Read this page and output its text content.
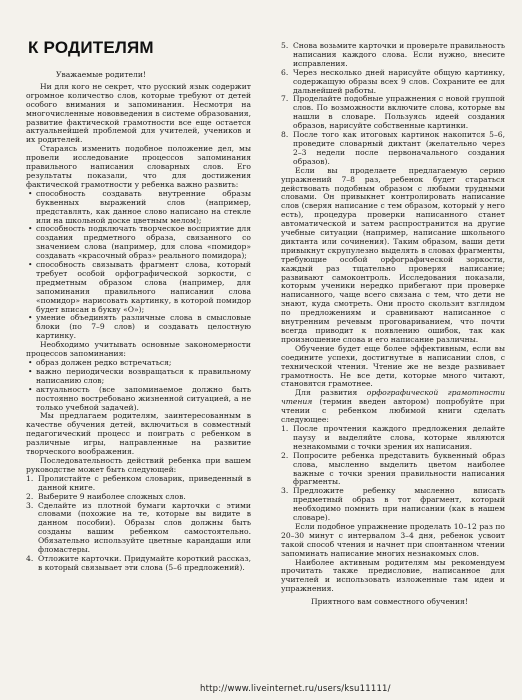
К РОДИТЕЛЯМ

Уважаемые родители!

Ни для кого не секрет, что русский язык содержит огромное количество слов, которые требуют от детей особого внимания и запоминания. Несмотря на многочисленные нововведения в системе образования, развитие фактической грамотности все еще остается актуальнейшей проблемой для учителей, учеников и их родителей.

Стараясь изменить подобное положение дел, мы провели исследование процессов запоминания правильного написания словарных слов. Его результаты показали, что для достижения фактической грамотности у ребенка важно развить:

• способность создавать внутренние образы буквенных выражений слов (например, представлять, как данное слово написано на стекле или на школьной доске цветным мелом);
• способность подключать творческое восприятие для создания предметного образа, связанного со значением слова (например, для слова «помидор» создавать «красочный образ» реального помидора);
• способность связывать фрагмент слова, который требует особой орфографической зоркости, с предметным образом слова (например, для запоминания правильного написания слова «помидор» нарисовать картинку, в которой помидор будет вписан в букву «О»);
• умение объединять различные слова в смысловые блоки (по 7–9 слов) и создавать целостную картинку.

Необходимо учитывать основные закономерности процессов запоминания:

• образ должен редко встречаться;
• важно периодически возвращаться к правильному написанию слов;
• актуальность (все запоминаемое должно быть постоянно востребовано жизненной ситуацией, а не только учебной задачей).

Мы предлагаем родителям, заинтересованным в качестве обучения детей, включиться в совместный педагогический процесс и поиграть с ребенком в различные игры, направленные на развитие творческого воображения.

Последовательность действий ребенка при вашем руководстве может быть следующей:

1. Пролистайте с ребенком словарик, приведенный в данной книге.
2. Выберите 9 наиболее сложных слов.
3. Сделайте из плотной бумаги карточки с этими словами (похожие на те, которые вы видите в данном пособии). Образы слов должны быть созданы вашим ребенком самостоятельно. Обязательно используйте цветные карандаши или фломастеры.
4. Отложите карточки. Придумайте короткий рассказ, в который связывает эти слова (5–6 предложений).
5. Снова возьмите карточки и проверьте правильность написания каждого слова. Если нужно, внесите исправления.
6. Через несколько дней нарисуйте общую картинку, содержащую образы всех 9 слов. Сохраните ее для дальнейшей работы.
7. Проделайте подобные упражнения с новой группой слов. По возможности включите слова, которые вы нашли в словаре. Пользуясь идеей создания образов, нарисуйте собственные картинки.
8. После того как итоговых картинок накопится 5–6, проведите словарный диктант (желательно через 2–3 недели после первоначального создания образов).

Если вы проделаете предлагаемую серию упражнений 7–8 раз, ребенок будет стараться действовать подобным образом с любыми трудными словами. Он привыкнет контролировать написание слов (сверяя написание с тем образом, который у него есть), процедура проверки написанного станет автоматической и затем распространится на другие учебные ситуации (например, написание школьного диктанта или сочинения). Таким образом, ваши дети привыкнут скрупулезно выделять в словах фрагменты, требующие особой орфографической зоркости, каждый раз тщательно проверяя написание; развивают самоконтроль. Исследования показали, которым ученики нередко прибегают при проверке написанного, чаще всего связана с тем, что дети не знают, куда смотреть. Они просто скользят взглядом по предложениям и сравнивают написанное с внутренним речевым проговариванием, что почти всегда приводит к появлению ошибок, так как произношение слова и его написание различны.

Обучение будет еще более эффективным, если вы соедините успехи, достигнутые в написании слов, с технической чтения. Чтение же не везде развивает грамотность. Не все дети, которые много читают, становятся грамотнее.

Для развития орфографической грамотности чтения (термин введен автором) попробуйте при чтении с ребенком любимой книги сделать следующее:

1. После прочтения каждого предложения делайте паузу и выделяйте слова, которые являются незнакомыми с точки зрения их написания.
2. Попросите ребенка представить буквенный образ слова, мысленно выделить цветом наиболее важные с точки зрения правильности написания фрагменты.
3. Предложите ребенку мысленно вписать предметный образ в тот фрагмент, который необходимо помнить при написании (как в нашем словаре).

Если подобное упражнение проделать 10–12 раз по 20–30 минут с интервалом 3–4 дня, ребенок усвоит такой способ чтения и начнет при спонтанном чтении запоминать написание многих незнакомых слов.

Наиболее активным родителям мы рекомендуем прочитать также предисловие, написанное для учителей и использовать изложенные там идеи и упражнения.

Приятного вам совместного обучения!

http://www.liveinternet.ru/users/ksu11111/
